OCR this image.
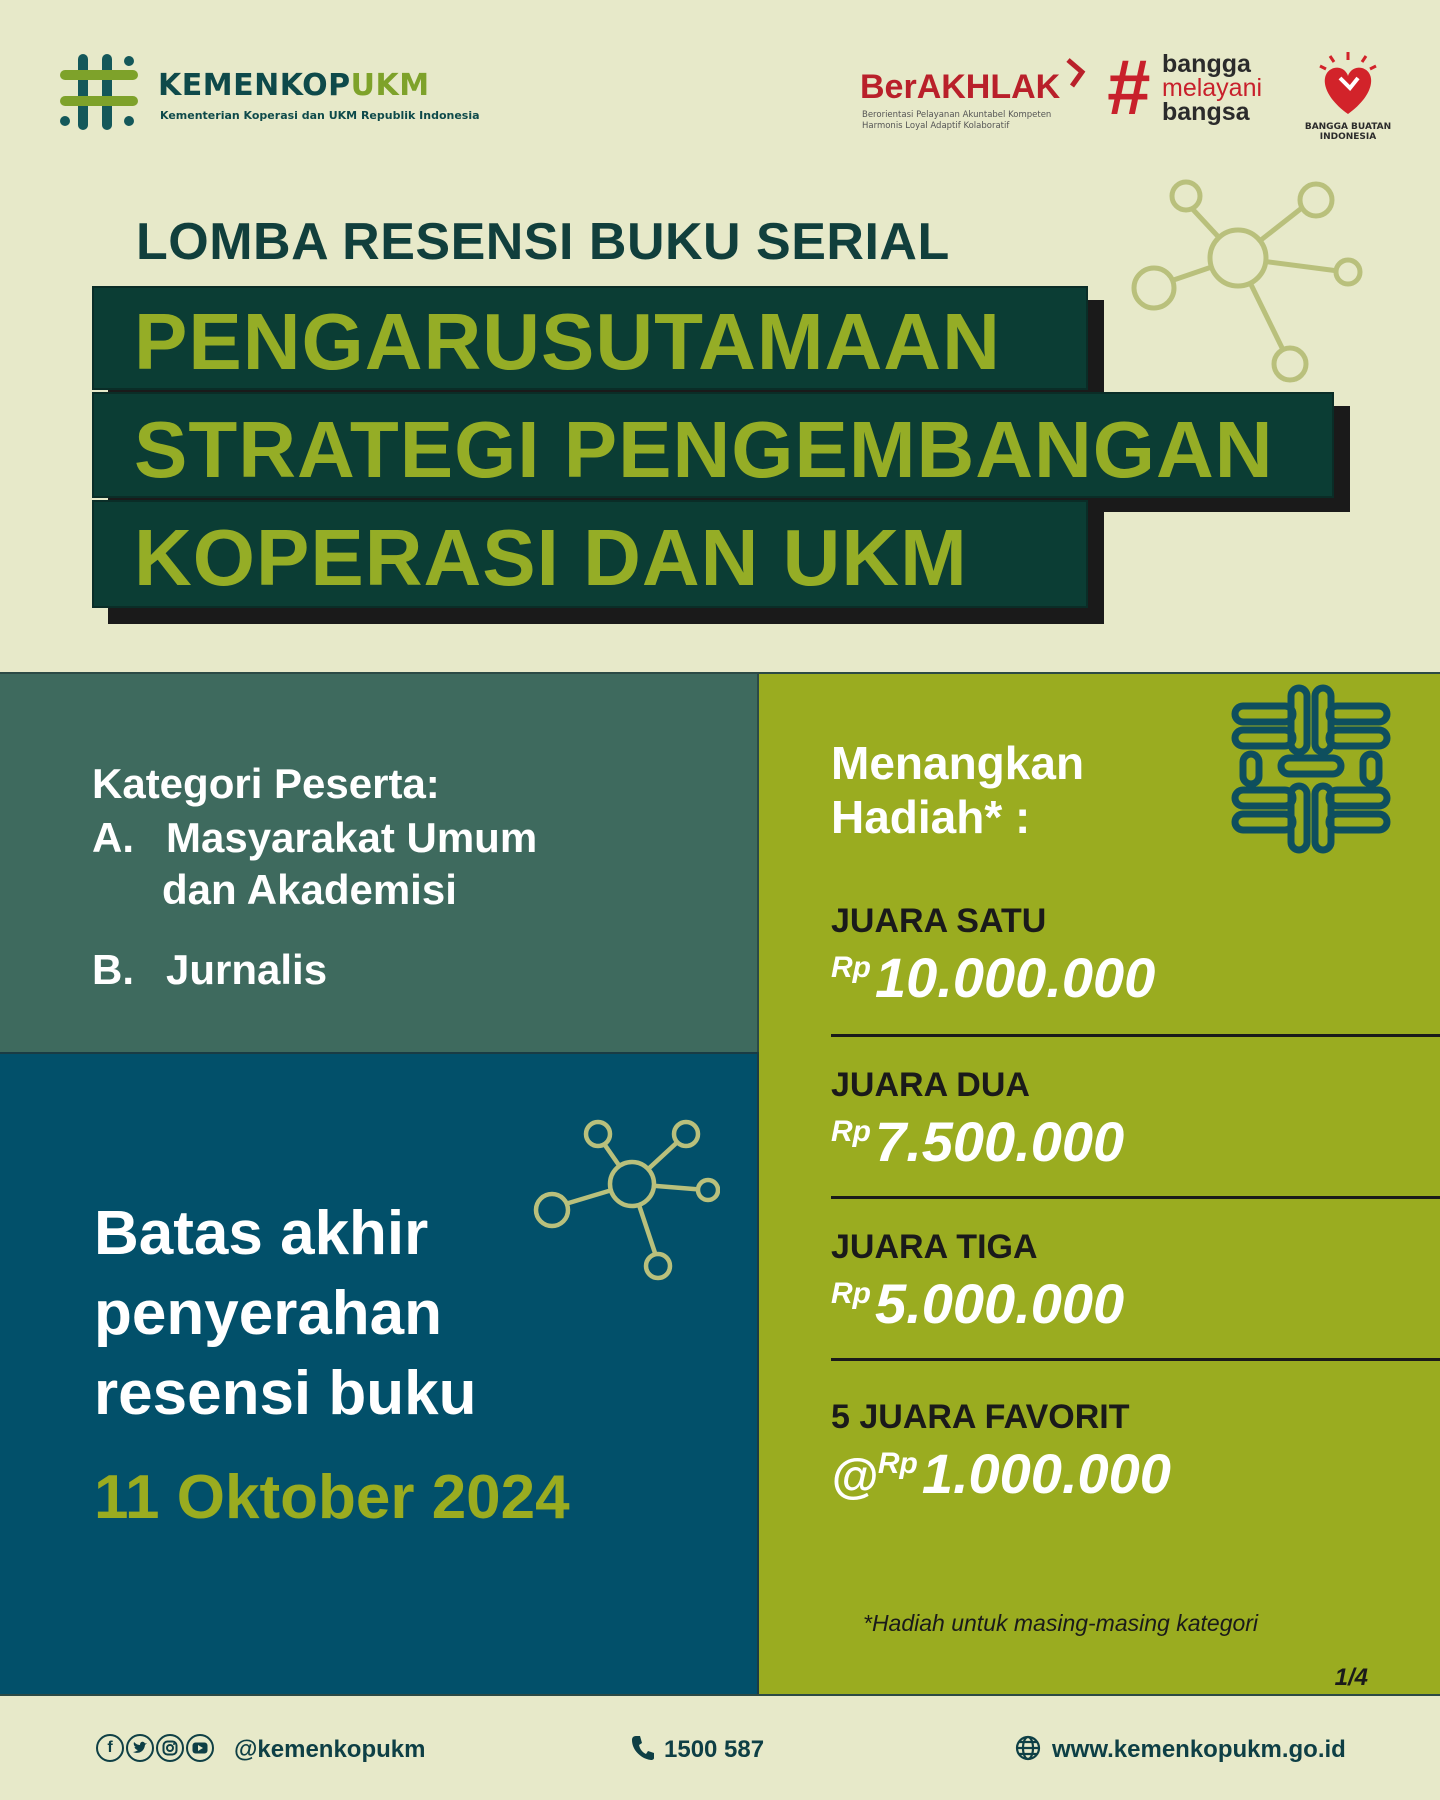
KEMENKOPUKM
Kementerian Koperasi dan UKM Republik Indonesia
BerAKHLAK
Berorientasi Pelayanan Akuntabel Kompeten
Harmonis Loyal Adaptif Kolaboratif	# bangga
melayani
bangsa
BANGGA BUATAN
INDONESIA
LOMBA RESENSI BUKU SERIAL
PENGARUSUTAMAAN
STRATEGI PENGEMBANGAN
KOPERASI DAN UKM
Kategori Peserta:
A. Masyarakat Umum
dan Akademisi
B. Jurnalis
Batas akhir
penyerahan
resensi buku
11 Oktober 2024
Menangkan
Hadiah* :
JUARA SATU
Rp10.000.000
JUARA DUA
Rp7.500.000
JUARA TIGA
Rp5.000.000
5 JUARA FAVORIT
@Rp1.000.000
*Hadiah untuk masing-masing kategori
1/4
f	@kemenkopukm	1500 587	www.kemenkopukm.go.id
